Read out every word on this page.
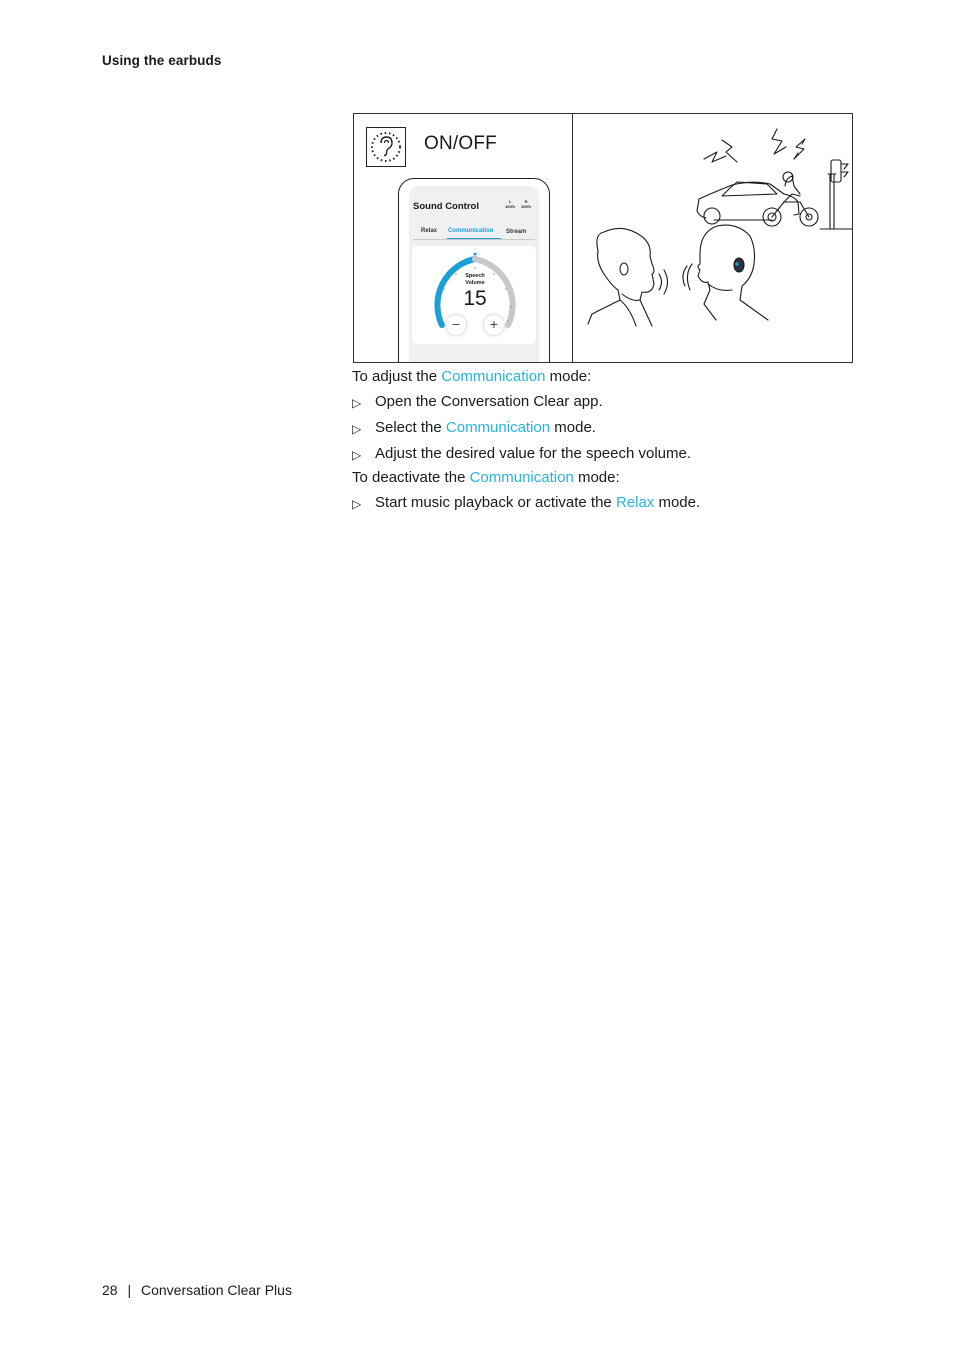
Using the earbuds
ON/OFF
Sound Control	L
100%
R
100%
Relax Communication Stream
Speech
Volume
15
−	+
To adjust the Communication mode:
▷ Open the Conversation Clear app.
▷ Select the Communication mode.
▷ Adjust the desired value for the speech volume.
To deactivate the Communication mode:
▷ Start music playback or activate the Relax mode.
28 | Conversation Clear Plus
